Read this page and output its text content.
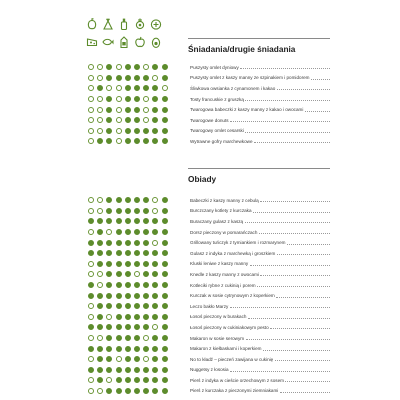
Śniadania/drugie śniadania
Puszysty omlet dyniowy
Puszysty omlet z kaszy manny ze szpinakiem i pomidorem
Śliwkowa owsianka z cynamonem i kakao
Tosty francuskie z gruszką
Twarogowa babeczki z kaszy manny z kakao i owocami
Twarogowe donuts
Twarogowy omlet cesarski
Wytrawne gofry marchewkowe
Obiady
Babeczki z kaszy manny z cebulą
Burczczany kotlety z kurczaka
Buraczany gulasz z kaszą
Dorsz pieczony w pomarańczach
Grillowany tuńczyk z tymiankiem i rozmarynem
Gulasz z indyka z marchewką i groszkiem
Kluski leniwe z kaszy manny
Knedle z kaszy manny z owocami
Kotleciki rybne z cukinią i porem
Kurczak w sosie cytrynowym z koperkiem
Leczo bakło Marzy
Łosoś pieczony w burakach
Łosoś pieczony w cukiniakowym pesto
Makaron w sosie serowym
Makaron z kiełbaskami i koperkiem
No to kładź – pieczeń zawijana w cukinię
Nuggetsy z łososia
Pierś z indyka w cieście orzechowym z sosem
Pierś z kurczaka z pieczonymi ziemniakami
